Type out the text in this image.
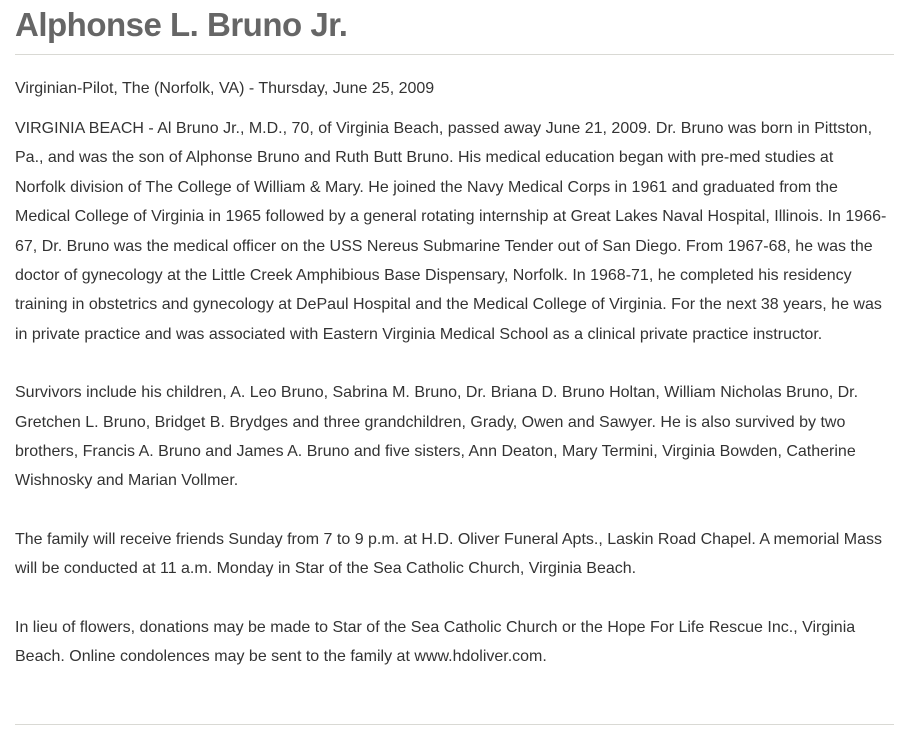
Alphonse L. Bruno Jr.

Virginian-Pilot, The (Norfolk, VA) - Thursday, June 25, 2009

VIRGINIA BEACH - Al Bruno Jr., M.D., 70, of Virginia Beach, passed away June 21, 2009. Dr. Bruno was born in Pittston, Pa., and was the son of Alphonse Bruno and Ruth Butt Bruno. His medical education began with pre-med studies at Norfolk division of The College of William & Mary. He joined the Navy Medical Corps in 1961 and graduated from the Medical College of Virginia in 1965 followed by a general rotating internship at Great Lakes Naval Hospital, Illinois. In 1966-67, Dr. Bruno was the medical officer on the USS Nereus Submarine Tender out of San Diego. From 1967-68, he was the doctor of gynecology at the Little Creek Amphibious Base Dispensary, Norfolk. In 1968-71, he completed his residency training in obstetrics and gynecology at DePaul Hospital and the Medical College of Virginia. For the next 38 years, he was in private practice and was associated with Eastern Virginia Medical School as a clinical private practice instructor.

Survivors include his children, A. Leo Bruno, Sabrina M. Bruno, Dr. Briana D. Bruno Holtan, William Nicholas Bruno, Dr. Gretchen L. Bruno, Bridget B. Brydges and three grandchildren, Grady, Owen and Sawyer. He is also survived by two brothers, Francis A. Bruno and James A. Bruno and five sisters, Ann Deaton, Mary Termini, Virginia Bowden, Catherine Wishnosky and Marian Vollmer.

The family will receive friends Sunday from 7 to 9 p.m. at H.D. Oliver Funeral Apts., Laskin Road Chapel. A memorial Mass will be conducted at 11 a.m. Monday in Star of the Sea Catholic Church, Virginia Beach.

In lieu of flowers, donations may be made to Star of the Sea Catholic Church or the Hope For Life Rescue Inc., Virginia Beach. Online condolences may be sent to the family at www.hdoliver.com.
